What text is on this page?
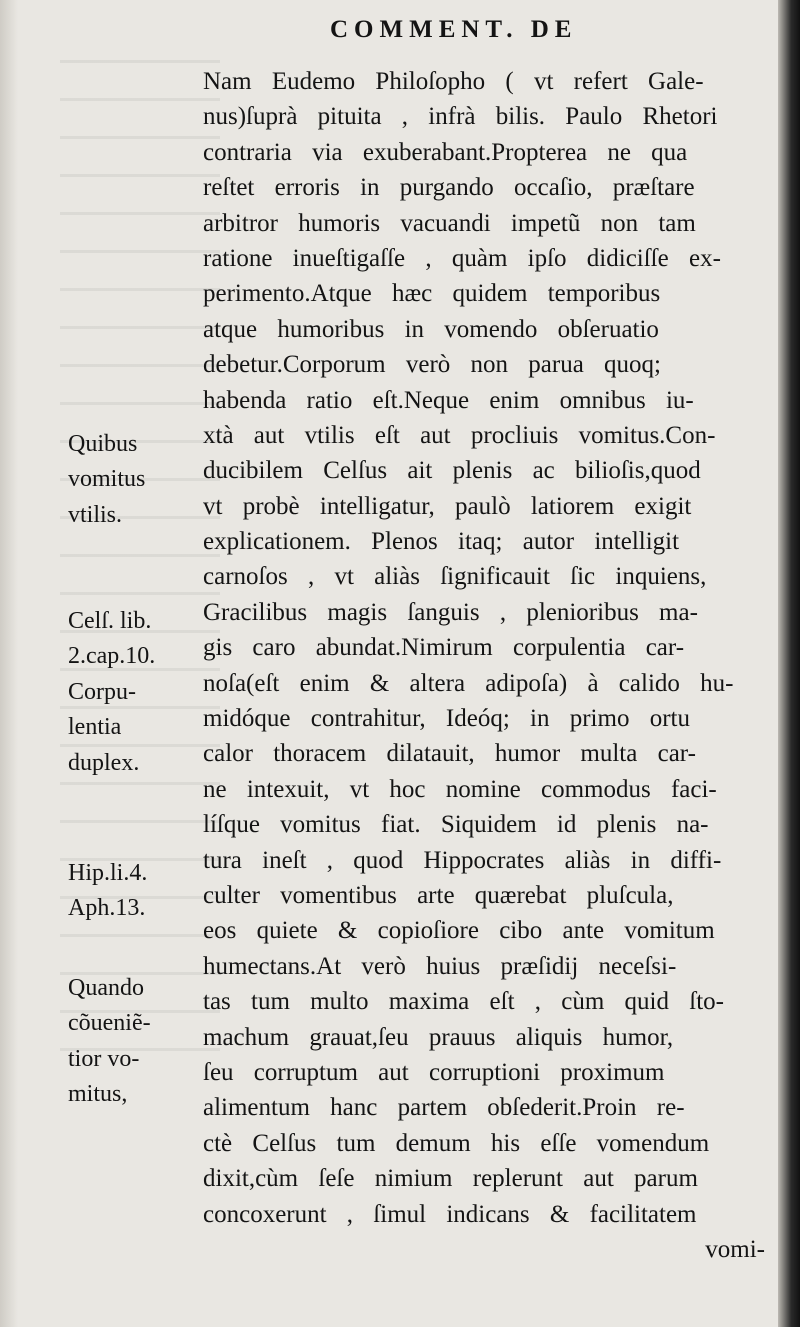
COMMENT. DE
Nam Eudemo Philoſopho ( vt refert Gale-
nus)ſuprà pituita , infrà bilis. Paulo Rhetori
contraria via exuberabant.Propterea ne qua
reſtet erroris in purgando occaſio, præſtare
arbitror humoris vacuandi impetũ non tam
ratione inueſtigaſſe , quàm ipſo didiciſſe ex-
perimento.Atque hæc quidem temporibus
atque humoribus in vomendo obſeruatio
debetur.Corporum verò non parua quoq;
habenda ratio eſt.Neque enim omnibus iu-
xtà aut vtilis eſt aut procliuis vomitus.Con-
ducibilem Celſus ait plenis ac bilioſis,quod
vt probè intelligatur, paulò latiorem exigit
explicationem. Plenos itaq; autor intelligit
carnoſos , vt aliàs ſignificauit ſic inquiens,
Gracilibus magis ſanguis , plenioribus ma-
gis caro abundat.Nimirum corpulentia car-
noſa(eſt enim & altera adipoſa) à calido hu-
midóque contrahitur, Ideóq; in primo ortu
calor thoracem dilatauit, humor multa car-
ne intexuit, vt hoc nomine commodus faci-
líſque vomitus fiat. Siquidem id plenis na-
tura ineſt , quod Hippocrates aliàs in diffi-
culter vomentibus arte quærebat pluſcula,
eos quiete & copioſiore cibo ante vomitum
humectans.At verò huius præſidij neceſsi-
tas tum multo maxima eſt , cùm quid ſto-
machum grauat,ſeu prauus aliquis humor,
ſeu corruptum aut corruptioni proximum
alimentum hanc partem obſederit.Proin re-
ctè Celſus tum demum his eſſe vomendum
dixit,cùm ſeſe nimium replerunt aut parum
concoxerunt , ſimul indicans & facilitatem
vomi-
Quibus
vomitus
vtilis.
Celſ. lib.
2.cap.10.
Corpu-
lentia
duplex.
Hip.li.4.
Aph.13.
Quando
cõueniẽ-
tior vo-
mitus,
